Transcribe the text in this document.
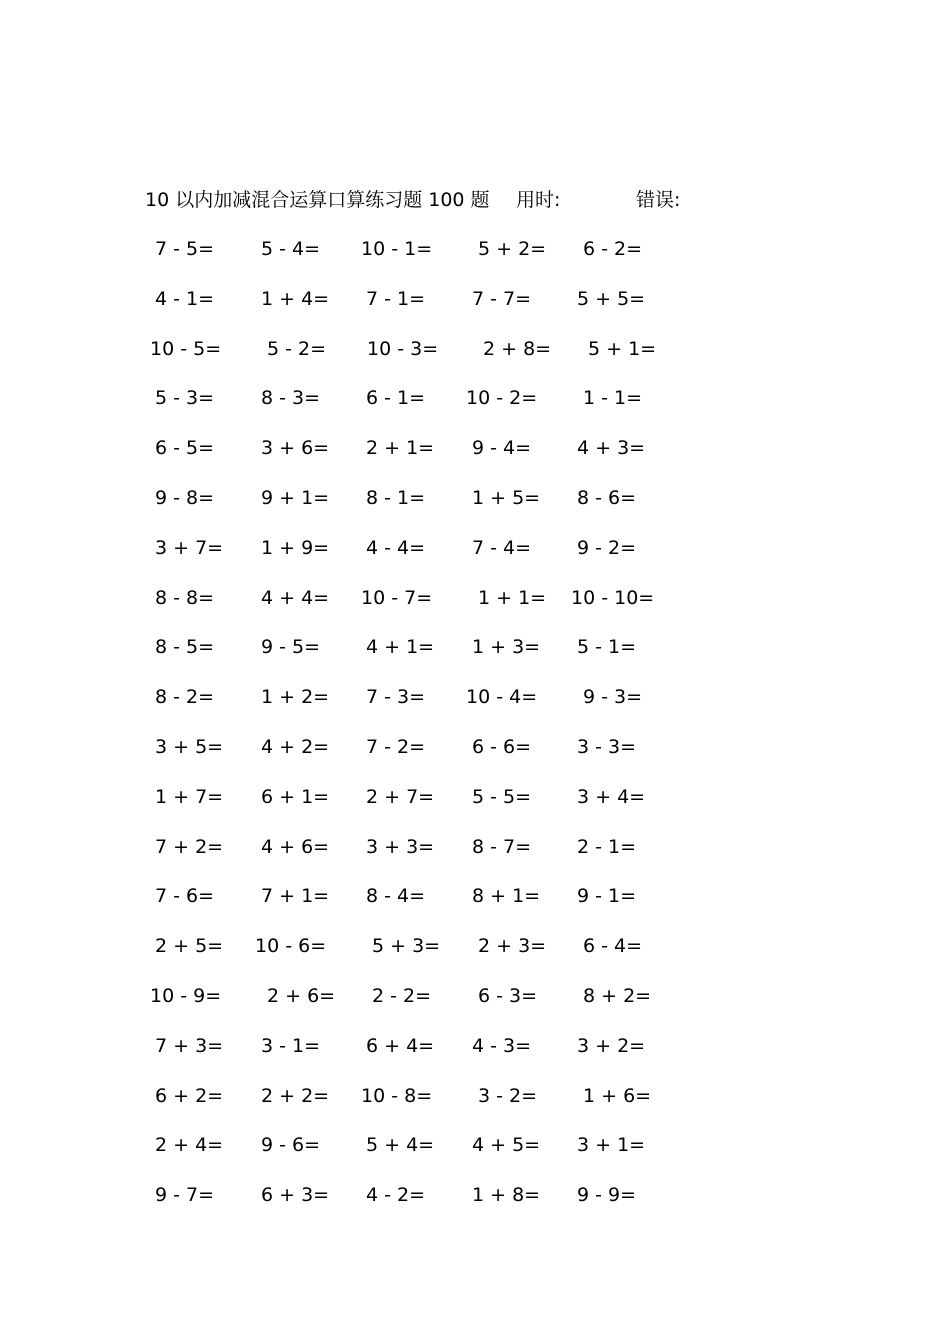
10 以内加减混合运算口算练习题 100 题 用时:	错误:
7 - 5= 5 - 4= 10 - 1= 5 + 2= 6 - 2=
4 - 1= 1 + 4= 7 - 1= 7 - 7= 5 + 5=
10 - 5= 5 - 2= 10 - 3= 2 + 8= 5 + 1=
5 - 3= 8 - 3= 6 - 1= 10 - 2= 1 - 1=
6 - 5= 3 + 6= 2 + 1= 9 - 4= 4 + 3=
9 - 8= 9 + 1= 8 - 1= 1 + 5= 8 - 6=
3 + 7= 1 + 9= 4 - 4= 7 - 4= 9 - 2=
8 - 8= 4 + 4= 10 - 7= 1 + 1= 10 - 10=
8 - 5= 9 - 5= 4 + 1= 1 + 3= 5 - 1=
8 - 2= 1 + 2= 7 - 3= 10 - 4= 9 - 3=
3 + 5= 4 + 2= 7 - 2= 6 - 6= 3 - 3=
1 + 7= 6 + 1= 2 + 7= 5 - 5= 3 + 4=
7 + 2= 4 + 6= 3 + 3= 8 - 7= 2 - 1=
7 - 6= 7 + 1= 8 - 4= 8 + 1= 9 - 1=
2 + 5= 10 - 6= 5 + 3= 2 + 3= 6 - 4=
10 - 9= 2 + 6= 2 - 2= 6 - 3= 8 + 2=
7 + 3= 3 - 1= 6 + 4= 4 - 3= 3 + 2=
6 + 2= 2 + 2= 10 - 8= 3 - 2= 1 + 6=
2 + 4= 9 - 6= 5 + 4= 4 + 5= 3 + 1=
9 - 7= 6 + 3= 4 - 2= 1 + 8= 9 - 9=
